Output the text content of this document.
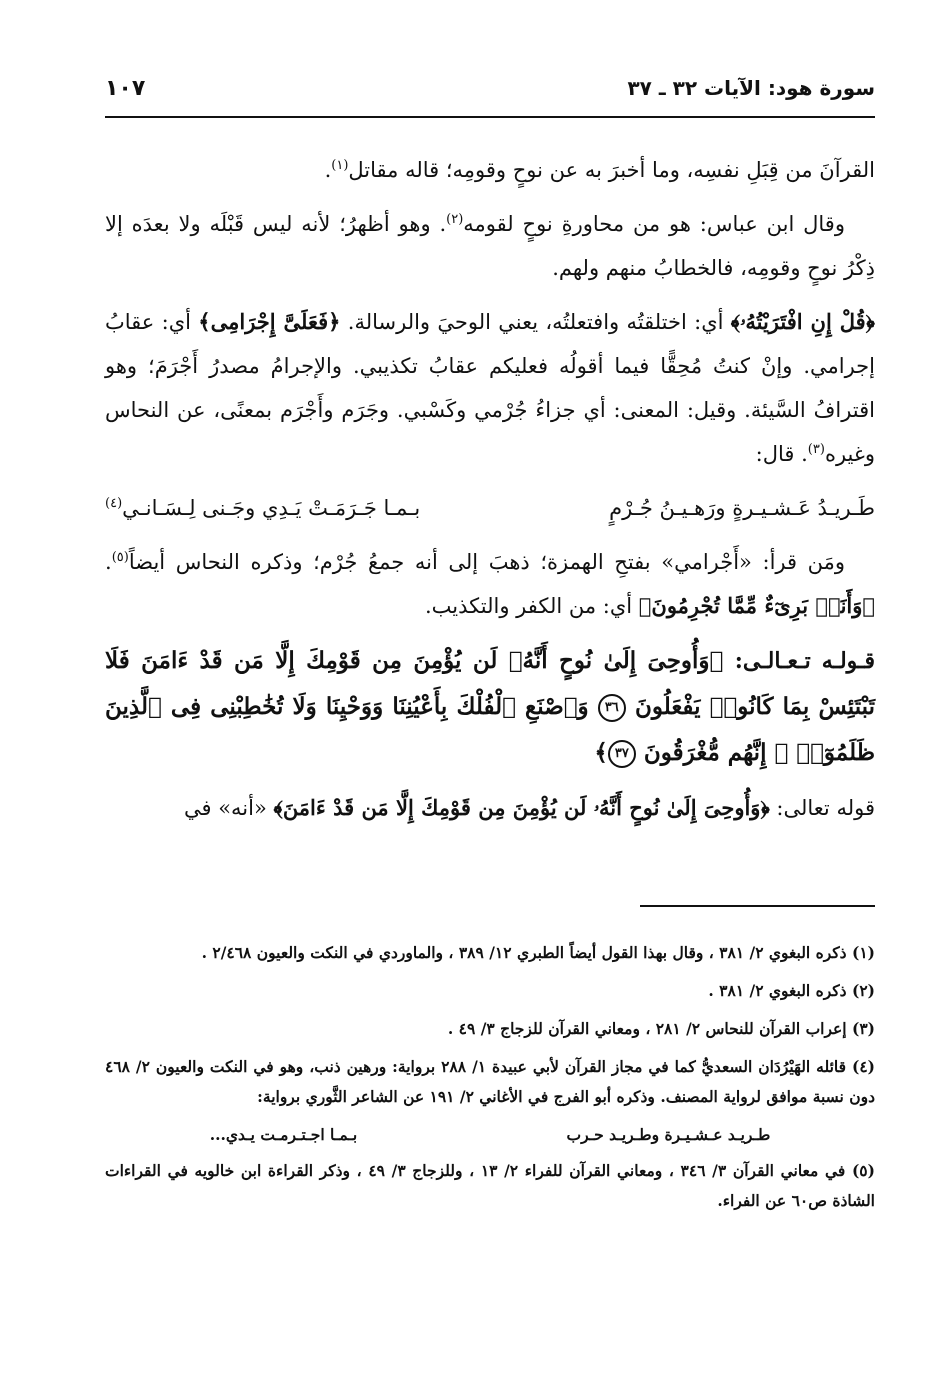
سورة هود: الآيات ٣٢ ـ ٣٧
١٠٧

القرآنَ من قِبَلِ نفسِه، وما أخبرَ به عن نوحٍ وقومِه؛ قاله مقاتل$^{(١)}$.

وقال ابن عباس: هو من محاورةِ نوحٍ لقومه$^{(٢)}$. وهو أظهرُ؛ لأنه ليس قَبْلَه ولا بعدَه إلا ذِكْرُ نوحٍ وقومِه، فالخطابُ منهم ولهم.

﴿قُلْ إِنِ افْتَرَيْتُهُۥ﴾ أي: اختلقتُه وافتعلتُه، يعني الوحيَ والرسالة. ﴿فَعَلَىَّ إِجْرَامِى﴾ أي: عقابُ إجرامي. وإنْ كنتُ مُحِقًّا فيما أقولُه فعليكم عقابُ تكذيبي. والإجرامُ مصدرُ أَجْرَمَ؛ وهو اقترافُ السَّيئة. وقيل: المعنى: أي جزاءُ جُرْمي وكَسْبي. وجَرَم وأَجْرَم بمعنًى، عن النحاس وغيره$^{(٣)}$. قال:

طَـريـدُ عَـشـيـرةٍ ورَهـيـنُ جُـرْمٍ
بـمـا جَـرَمَـتْ يَـدِي وجَـنى لِـسَـانـي(٤)

ومَن قرأ: «أَجْرامي» بفتحِ الهمزة؛ ذهبَ إلى أنه جمعُ جُرْم؛ وذكره النحاس أيضاً$^{(٥)}$. ﴿وَأَنَا۠ بَرِىٓءٌ مِّمَّا تُجْرِمُونَ﴾ أي: من الكفر والتكذيب.

قـولـه تـعـالـى: ﴿وَأُوحِىَ إِلَىٰ نُوحٍ أَنَّهُۥ لَن يُؤْمِنَ مِن قَوْمِكَ إِلَّا مَن قَدْ ءَامَنَ فَلَا تَبْتَئِسْ بِمَا كَانُوا۟ يَفْعَلُونَ ٣٦ وَٱصْنَعِ ٱلْفُلْكَ بِأَعْيُنِنَا وَوَحْيِنَا وَلَا تُخَٰطِبْنِى فِى ٱلَّذِينَ ظَلَمُوٓا۟ ۚ إِنَّهُم مُّغْرَقُونَ ٣٧﴾

قوله تعالى: ﴿وَأُوحِىَ إِلَىٰ نُوحٍ أَنَّهُۥ لَن يُؤْمِنَ مِن قَوْمِكَ إِلَّا مَن قَدْ ءَامَنَ﴾ «أنه» في

(١) ذكره البغوي ٢/ ٣٨١ ، وقال بهذا القول أيضاً الطبري ١٢/ ٣٨٩ ، والماوردي في النكت والعيون ٢/٤٦٨ .

(٢) ذكره البغوي ٢/ ٣٨١ .

(٣) إعراب القرآن للنحاس ٢/ ٢٨١ ، ومعاني القرآن للزجاج ٣/ ٤٩ .

(٤) قائله الهَيْرُدَان السعديُّ كما في مجاز القرآن لأبي عبيدة ١/ ٢٨٨ برواية: ورهين ذنب، وهو في النكت والعيون ٢/ ٤٦٨ دون نسبة موافق لرواية المصنف. وذكره أبو الفرج في الأغاني ٢/ ١٩١ عن الشاعر الثَّوري برواية:

طـريـد عـشـيـرة وطـريـد حـرب
بـمـا اجـتـرمـت يـدي...

(٥) في معاني القرآن ٣/ ٣٤٦ ، ومعاني القرآن للفراء ٢/ ١٣ ، وللزجاج ٣/ ٤٩ ، وذكر القراءة ابن خالويه في القراءات الشاذة ص٦٠ عن الفراء.
